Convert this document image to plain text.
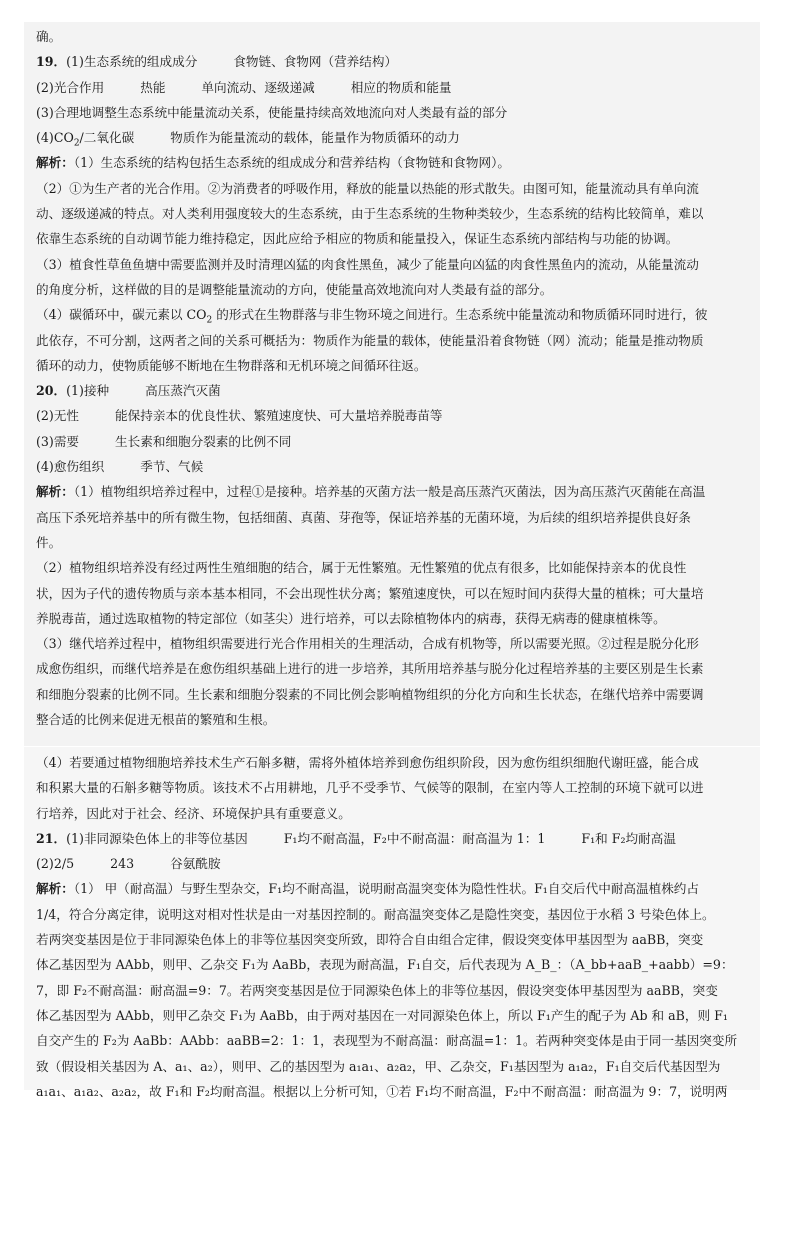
确。

19．(1)生态系统的组成成分	食物链、食物网（营养结构）

(2)光合作用	热能	单向流动、逐级递减	相应的物质和能量

(3)合理地调整生态系统中能量流动关系，使能量持续高效地流向对人类最有益的部分

$(4)CO_2/$二氧化碳	物质作为能量流动的载体，能量作为物质循环的动力

解析：（1）生态系统的结构包括生态系统的组成成分和营养结构（食物链和食物网）。

（2）①为生产者的光合作用。②为消费者的呼吸作用，释放的能量以热能的形式散失。由图可知，能量流动具有单向流

动、逐级递减的特点。对人类利用强度较大的生态系统，由于生态系统的生物种类较少，生态系统的结构比较简单，难以

依靠生态系统的自动调节能力维持稳定，因此应给予相应的物质和能量投入，保证生态系统内部结构与功能的协调。

（3）植食性草鱼鱼塘中需要监测并及时清理凶猛的肉食性黑鱼，减少了能量向凶猛的肉食性黑鱼内的流动，从能量流动

的角度分析，这样做的目的是调整能量流动的方向，使能量高效地流向对人类最有益的部分。

（4）碳循环中，碳元素以 $CO_2$ 的形式在生物群落与非生物环境之间进行。生态系统中能量流动和物质循环同时进行，彼

此依存，不可分割，这两者之间的关系可概括为：物质作为能量的载体，使能量沿着食物链（网）流动；能量是推动物质

循环的动力，使物质能够不断地在生物群落和无机环境之间循环往返。

20．(1)接种	高压蒸汽灭菌

(2)无性	能保持亲本的优良性状、繁殖速度快、可大量培养脱毒苗等

(3)需要	生长素和细胞分裂素的比例不同

(4)愈伤组织	季节、气候

解析：（1）植物组织培养过程中，过程①是接种。培养基的灭菌方法一般是高压蒸汽灭菌法，因为高压蒸汽灭菌能在高温

高压下杀死培养基中的所有微生物，包括细菌、真菌、芽孢等，保证培养基的无菌环境，为后续的组织培养提供良好条

件。

（2）植物组织培养没有经过两性生殖细胞的结合，属于无性繁殖。无性繁殖的优点有很多，比如能保持亲本的优良性

状，因为子代的遗传物质与亲本基本相同，不会出现性状分离；繁殖速度快，可以在短时间内获得大量的植株；可大量培

养脱毒苗，通过选取植物的特定部位（如茎尖）进行培养，可以去除植物体内的病毒，获得无病毒的健康植株等。

（3）继代培养过程中，植物组织需要进行光合作用相关的生理活动，合成有机物等，所以需要光照。②过程是脱分化形

成愈伤组织，而继代培养是在愈伤组织基础上进行的进一步培养，其所用培养基与脱分化过程培养基的主要区别是生长素

和细胞分裂素的比例不同。生长素和细胞分裂素的不同比例会影响植物组织的分化方向和生长状态，在继代培养中需要调

整合适的比例来促进无根苗的繁殖和生根。

（4）若要通过植物细胞培养技术生产石斛多糖，需将外植体培养到愈伤组织阶段，因为愈伤组织细胞代谢旺盛，能合成

和积累大量的石斛多糖等物质。该技术不占用耕地，几乎不受季节、气候等的限制，在室内等人工控制的环境下就可以进

行培养，因此对于社会、经济、环境保护具有重要意义。

21．(1)非同源染色体上的非等位基因	F₁均不耐高温，F₂中不耐高温：耐高温为 1：1	F₁和 F₂均耐高温

(2)2/5	243	谷氨酰胺

解析：（1） 甲（耐高温）与野生型杂交，F₁均不耐高温，说明耐高温突变体为隐性性状。F₁自交后代中耐高温植株约占

1/4，符合分离定律，说明这对相对性状是由一对基因控制的。耐高温突变体乙是隐性突变，基因位于水稻 3 号染色体上。

若两突变基因是位于非同源染色体上的非等位基因突变所致，即符合自由组合定律，假设突变体甲基因型为 aaBB，突变

体乙基因型为 AAbb，则甲、乙杂交 F₁为 AaBb，表现为耐高温，F₁自交，后代表现为 A_B_：（A_bb+aaB_+aabb）=9：

7，即 F₂不耐高温：耐高温=9：7。若两突变基因是位于同源染色体上的非等位基因，假设突变体甲基因型为 aaBB，突变

体乙基因型为 AAbb，则甲乙杂交 F₁为 AaBb，由于两对基因在一对同源染色体上，所以 F₁产生的配子为 Ab 和 aB，则 F₁

自交产生的 F₂为 AaBb：AAbb：aaBB=2：1：1，表现型为不耐高温：耐高温=1：1。若两种突变体是由于同一基因突变所

致（假设相关基因为 A、a₁、a₂），则甲、乙的基因型为 a₁a₁、a₂a₂，甲、乙杂交，F₁基因型为 a₁a₂，F₁自交后代基因型为

a₁a₁、a₁a₂、a₂a₂，故 F₁和 F₂均耐高温。根据以上分析可知，①若 F₁均不耐高温，F₂中不耐高温：耐高温为 9：7，说明两
